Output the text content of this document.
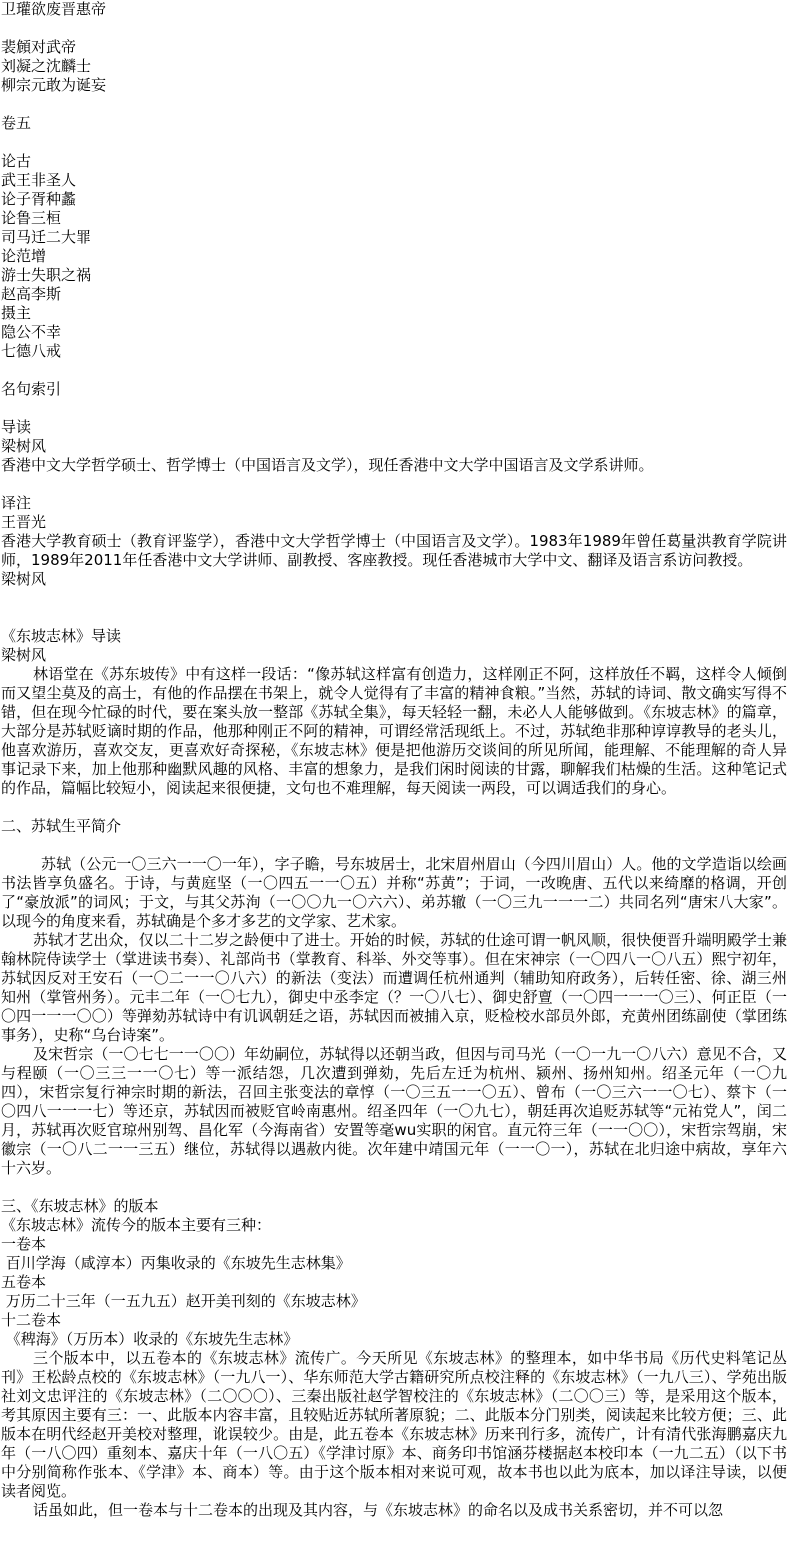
卫瓘欲废晋惠帝
裴頠对武帝
刘凝之沈麟士
柳宗元敢为诞妄
卷五
论古
武王非圣人
论子胥种蠡
论鲁三桓
司马迁二大罪
论范增
游士失职之祸
赵高李斯
摄主
隐公不幸
七德八戒
名句索引
导读
梁树风

香港中文大学哲学硕士、哲学博士（中国语言及文学），现任香港中文大学中国语言及文学系讲师。

译注
王晋光

香港大学教育硕士（教育评鉴学），香港中文大学哲学博士（中国语言及文学）。1983年1989年曾任葛量洪教育学院讲师，1989年2011年任香港中文大学讲师、副教授、客座教授。现任香港城市大学中文、翻译及语言系访问教授。

梁树风
《东坡志林》导读
梁树风

林语堂在《苏东坡传》中有这样一段话：“像苏轼这样富有创造力，这样刚正不阿，这样放任不羁，这样令人倾倒而又望尘莫及的高士，有他的作品摆在书架上，就令人觉得有了丰富的精神食粮。”当然，苏轼的诗词、散文确实写得不错，但在现今忙碌的时代，要在案头放一整部《苏轼全集》，每天轻轻一翻，未必人人能够做到。《东坡志林》的篇章，大部分是苏轼贬谪时期的作品，他那种刚正不阿的精神，可谓经常活现纸上。不过，苏轼绝非那种谆谆教导的老头儿，他喜欢游历，喜欢交友，更喜欢好奇探秘，《东坡志林》便是把他游历交谈间的所见所闻，能理解、不能理解的奇人异事记录下来，加上他那种幽默风趣的风格、丰富的想象力，是我们闲时阅读的甘露，聊解我们枯燥的生活。这种笔记式的作品，篇幅比较短小，阅读起来很便捷，文句也不难理解，每天阅读一两段，可以调适我们的身心。

二、苏轼生平简介

苏轼（公元一〇三六一一〇一年），字子瞻，号东坡居士，北宋眉州眉山（今四川眉山）人。他的文学造诣以绘画书法皆享负盛名。于诗，与黄庭坚（一〇四五一一〇五）并称“苏黄”；于词，一改晚唐、五代以来绮靡的格调，开创了“豪放派”的词风；于文，与其父苏洵（一〇〇九一〇六六）、弟苏辙（一〇三九一一一二）共同名列“唐宋八大家”。以现今的角度来看，苏轼确是个多才多艺的文学家、艺术家。

苏轼才艺出众，仅以二十二岁之龄便中了进士。开始的时候，苏轼的仕途可谓一帆风顺，很快便晋升端明殿学士兼翰林院侍读学士（掌进读书奏）、礼部尚书（掌教育、科举、外交等事）。但在宋神宗（一〇四八一〇八五）熙宁初年，苏轼因反对王安石（一〇二一一〇八六）的新法（变法）而遭调任杭州通判（辅助知府政务），后转任密、徐、湖三州知州（掌管州务）。元丰二年（一〇七九），御史中丞李定（？一〇八七）、御史舒亶（一〇四一一一〇三）、何正臣（一〇四一一一〇〇）等弹劾苏轼诗中有讥讽朝廷之语，苏轼因而被捕入京，贬检校水部员外郎，充黄州团练副使（掌团练事务），史称“乌台诗案”。

及宋哲宗（一〇七七一一〇〇）年幼嗣位，苏轼得以还朝当政，但因与司马光（一〇一九一〇八六）意见不合，又与程颐（一〇三三一一〇七）等一派结怨，几次遭到弹劾，先后左迁为杭州、颍州、扬州知州。绍圣元年（一〇九四），宋哲宗复行神宗时期的新法，召回主张变法的章惇（一〇三五一一〇五）、曾布（一〇三六一一〇七）、蔡卞（一〇四八一一一七）等还京，苏轼因而被贬官岭南惠州。绍圣四年（一〇九七），朝廷再次追贬苏轼等“元祐党人”，闰二月，苏轼再次贬官琼州别驾、昌化军（今海南省）安置等毫wu实职的闲官。直元符三年（一一〇〇），宋哲宗驾崩，宋徽宗（一〇八二一一三五）继位，苏轼得以遇赦内徙。次年建中靖国元年（一一〇一），苏轼在北归途中病故，享年六十六岁。

三、《东坡志林》的版本
《东坡志林》流传今的版本主要有三种：
一卷本
百川学海（咸淳本）丙集收录的《东坡先生志林集》
五卷本
万历二十三年（一五九五）赵开美刊刻的《东坡志林》
十二卷本
《稗海》（万历本）收录的《东坡先生志林》

三个版本中，以五卷本的《东坡志林》流传广。今天所见《东坡志林》的整理本，如中华书局《历代史料笔记丛刊》王松龄点校的《东坡志林》（一九八一）、华东师范大学古籍研究所点校注释的《东坡志林》（一九八三）、学苑出版社刘文忠评注的《东坡志林》（二〇〇〇）、三秦出版社赵学智校注的《东坡志林》（二〇〇三）等，是采用这个版本，考其原因主要有三：一、此版本内容丰富，且较贴近苏轼所著原貌；二、此版本分门别类，阅读起来比较方便；三、此版本在明代经赵开美校对整理，讹误较少。由是，此五卷本《东坡志林》历来刊行多，流传广，计有清代张海鹏嘉庆九年（一八〇四）重刻本、嘉庆十年（一八〇五）《学津讨原》本、商务印书馆涵芬楼据赵本校印本（一九二五）（以下书中分别简称作张本、《学津》本、商本）等。由于这个版本相对来说可观，故本书也以此为底本，加以译注导读，以便读者阅览。

话虽如此，但一卷本与十二卷本的出现及其内容，与《东坡志林》的命名以及成书关系密切，并不可以忽
